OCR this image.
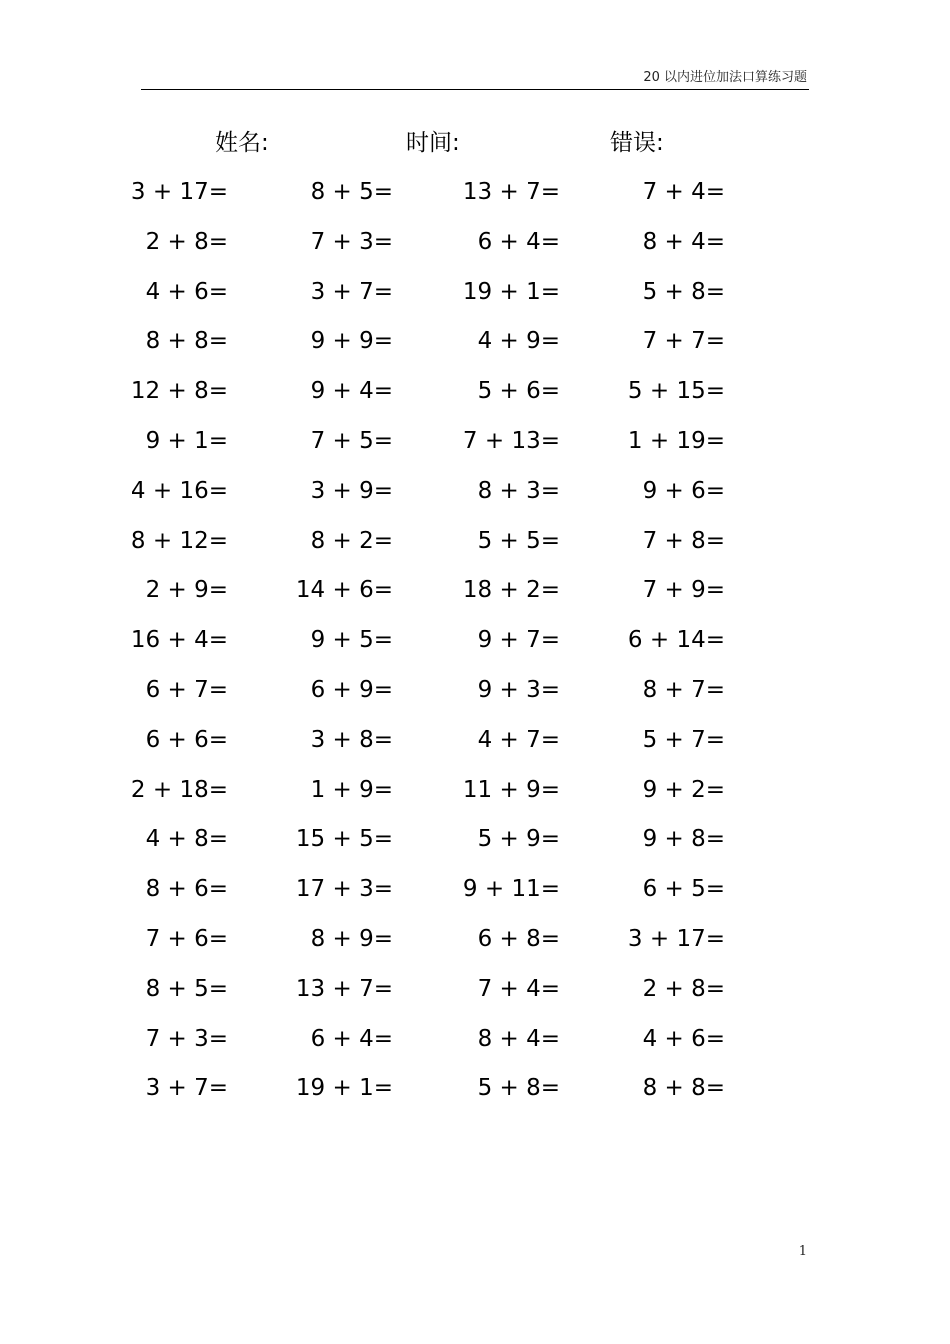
20 以内进位加法口算练习题
姓名:	时间:	错误:
3 + 17=	8 + 5=	13 + 7=	7 + 4=
2 + 8=	7 + 3=	6 + 4=	8 + 4=
4 + 6=	3 + 7=	19 + 1=	5 + 8=
8 + 8=	9 + 9=	4 + 9=	7 + 7=
12 + 8=	9 + 4=	5 + 6=	5 + 15=
9 + 1=	7 + 5=	7 + 13=	1 + 19=
4 + 16=	3 + 9=	8 + 3=	9 + 6=
8 + 12=	8 + 2=	5 + 5=	7 + 8=
2 + 9=	14 + 6=	18 + 2=	7 + 9=
16 + 4=	9 + 5=	9 + 7=	6 + 14=
6 + 7=	6 + 9=	9 + 3=	8 + 7=
6 + 6=	3 + 8=	4 + 7=	5 + 7=
2 + 18=	1 + 9=	11 + 9=	9 + 2=
4 + 8=	15 + 5=	5 + 9=	9 + 8=
8 + 6=	17 + 3=	9 + 11=	6 + 5=
7 + 6=	8 + 9=	6 + 8=	3 + 17=
8 + 5=	13 + 7=	7 + 4=	2 + 8=
7 + 3=	6 + 4=	8 + 4=	4 + 6=
3 + 7=	19 + 1=	5 + 8=	8 + 8=
1
